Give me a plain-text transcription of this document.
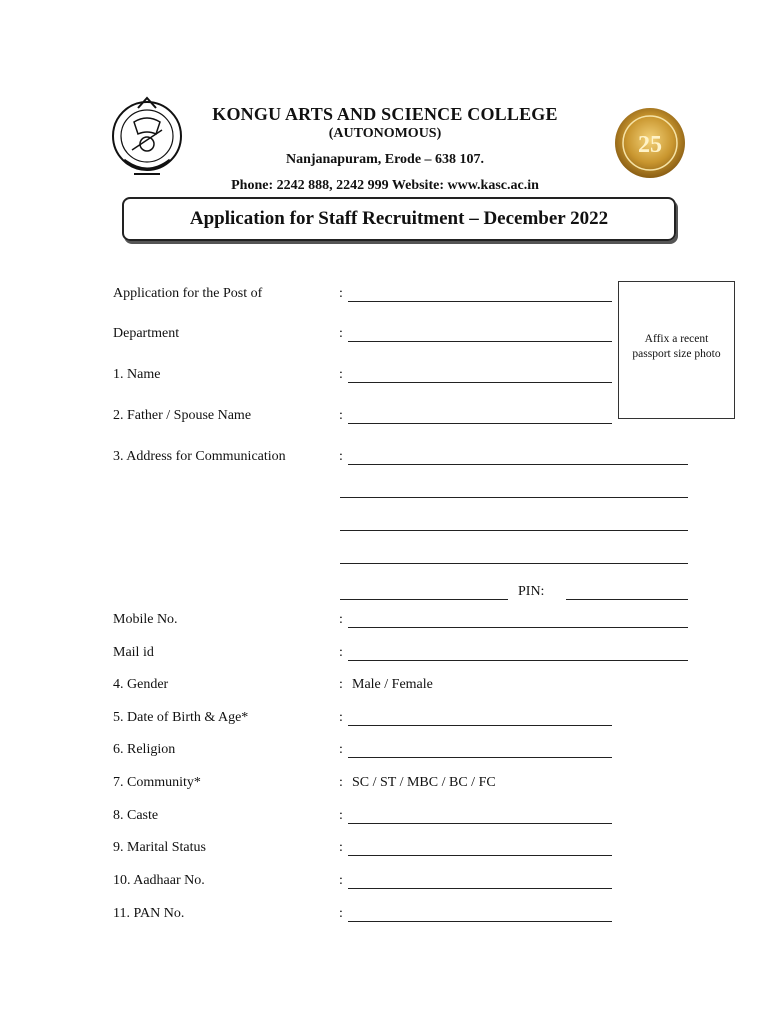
KONGU ARTS AND SCIENCE COLLEGE
(AUTONOMOUS)
Nanjanapuram, Erode – 638 107.
Phone: 2242 888, 2242 999 Website: www.kasc.ac.in
25
Application for Staff Recruitment – December 2022
Affix a recent
passport size photo
Application for the Post of	:
Department	:
1. Name	:
2. Father / Spouse Name	:
3. Address for Communication	:
PIN:
Mobile No.	:
Mail id	:
4. Gender	: Male / Female
5. Date of Birth & Age*	:
6. Religion	:
7. Community*	: SC / ST / MBC / BC / FC
8. Caste	:
9. Marital Status	:
10. Aadhaar No.	:
11. PAN No.	:
